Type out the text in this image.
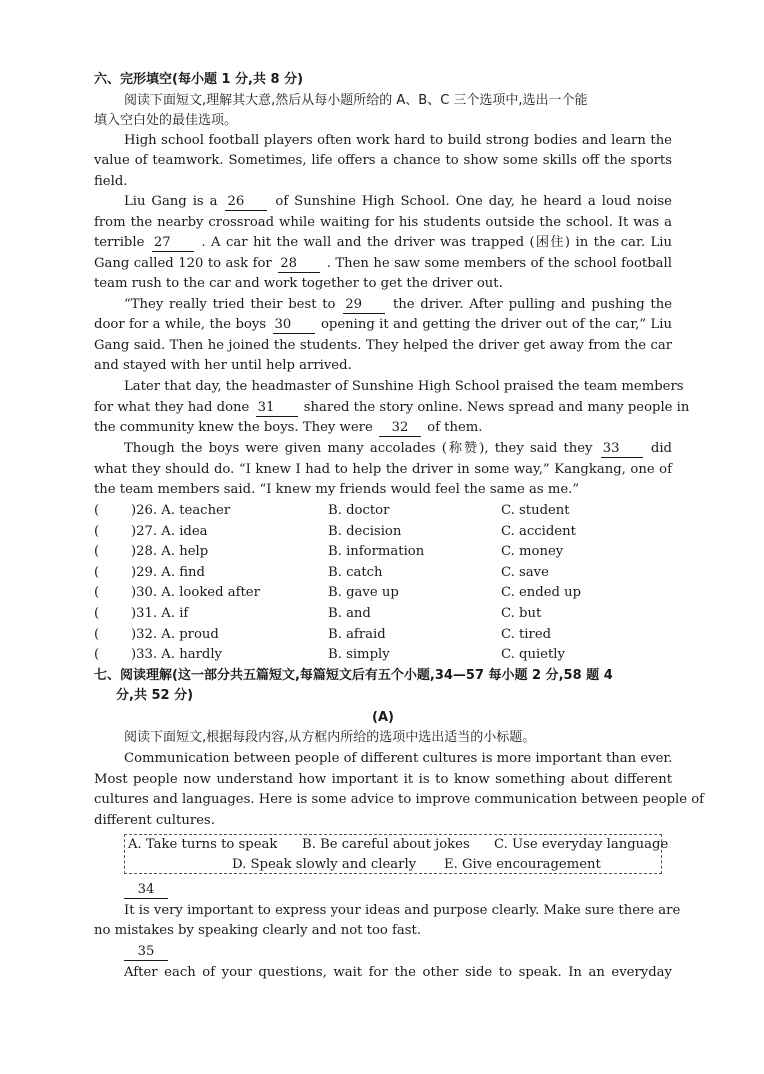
六、完形填空(每小题 1 分,共 8 分)
阅读下面短文,理解其大意,然后从每小题所给的 A、B、C 三个选项中,选出一个能
填入空白处的最佳选项。
High school football players often work hard to build strong bodies and learn the
value of teamwork. Sometimes, life offers a chance to show some skills off the sports
field.
Liu Gang is a 26 of Sunshine High School. One day, he heard a loud noise
from the nearby crossroad while waiting for his students outside the school. It was a
terrible 27 . A car hit the wall and the driver was trapped (困住) in the car. Liu
Gang called 120 to ask for 28 . Then he saw some members of the school football
team rush to the car and work together to get the driver out.
“They really tried their best to 29 the driver. After pulling and pushing the
door for a while, the boys 30 opening it and getting the driver out of the car,” Liu
Gang said. Then he joined the students. They helped the driver get away from the car
and stayed with her until help arrived.
Later that day, the headmaster of Sunshine High School praised the team members
for what they had done 31 shared the story online. News spread and many people in
the community knew the boys. They were 32 of them.
Though the boys were given many accolades (称赞), they said they 33 did
what they should do. “I knew I had to help the driver in some way,” Kangkang, one of
the team members said. “I knew my friends would feel the same as me.”
( )26. A. teacher	B. doctor	C. student
( )27. A. idea	B. decision	C. accident
( )28. A. help	B. information	C. money
( )29. A. find	B. catch	C. save
( )30. A. looked after	B. gave up	C. ended up
( )31. A. if	B. and	C. but
( )32. A. proud	B. afraid	C. tired
( )33. A. hardly	B. simply	C. quietly
七、阅读理解(这一部分共五篇短文,每篇短文后有五个小题,34—57 每小题 2 分,58 题 4
分,共 52 分)
(A)
阅读下面短文,根据每段内容,从方框内所给的选项中选出适当的小标题。
Communication between people of different cultures is more important than ever.
Most people now understand how important it is to know something about different
cultures and languages. Here is some advice to improve communication between people of
different cultures.
A. Take turns to speak B. Be careful about jokes C. Use everyday language
D. Speak slowly and clearly E. Give encouragement
34
It is very important to express your ideas and purpose clearly. Make sure there are
no mistakes by speaking clearly and not too fast.
35
After each of your questions, wait for the other side to speak. In an everyday
